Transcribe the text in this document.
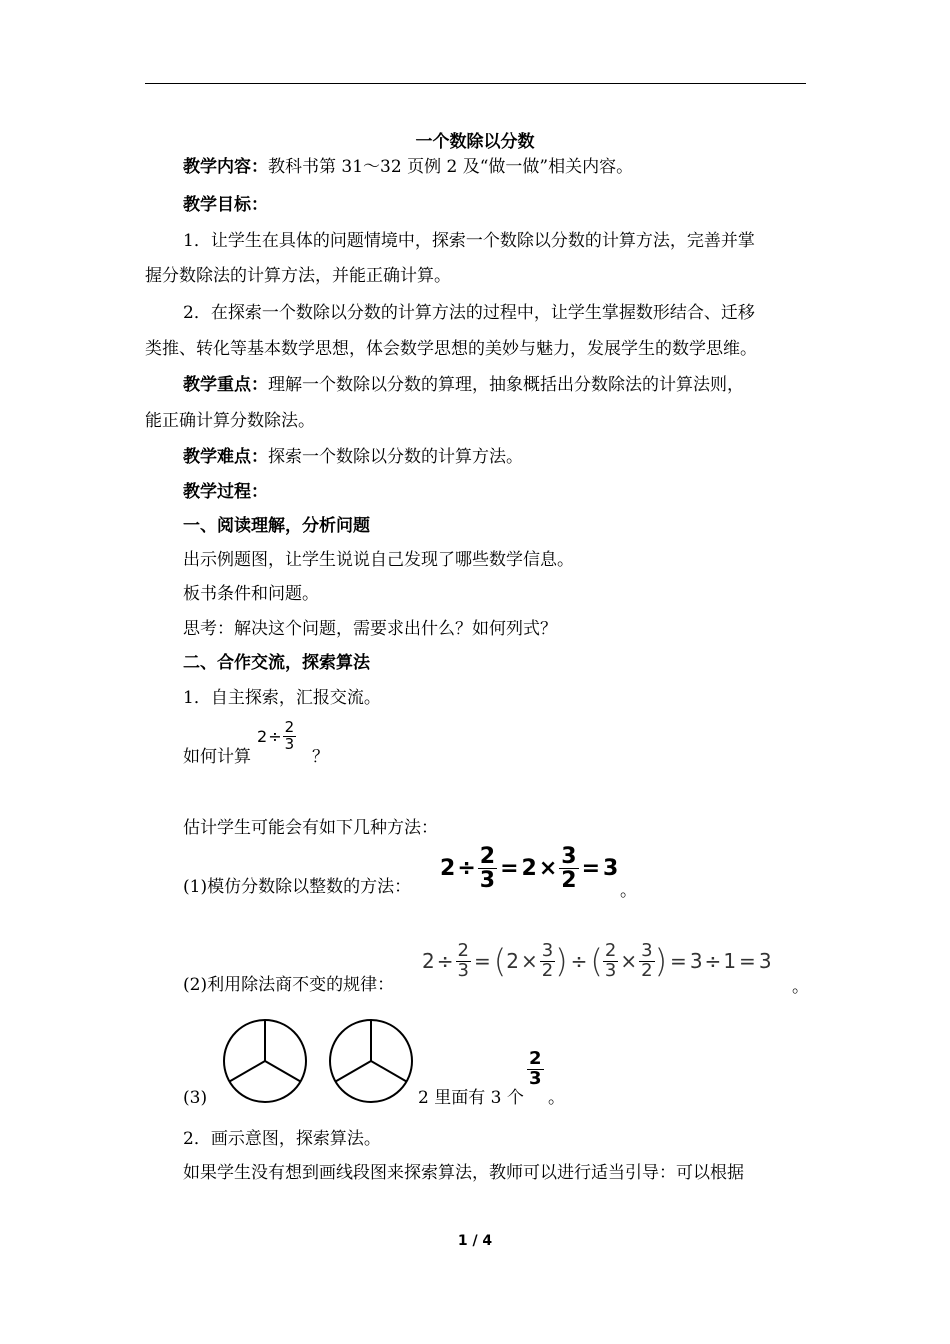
一个数除以分数
教学内容：教科书第 31～32 页例 2 及“做一做”相关内容。
教学目标：
1．让学生在具体的问题情境中，探索一个数除以分数的计算方法，完善并掌
握分数除法的计算方法，并能正确计算。
2．在探索一个数除以分数的计算方法的过程中，让学生掌握数形结合、迁移
类推、转化等基本数学思想，体会数学思想的美妙与魅力，发展学生的数学思维。
教学重点：理解一个数除以分数的算理，抽象概括出分数除法的计算法则，
能正确计算分数除法。
教学难点：探索一个数除以分数的计算方法。
教学过程：
一、阅读理解，分析问题
出示例题图，让学生说说自己发现了哪些数学信息。
板书条件和问题。
思考：解决这个问题，需要求出什么？如何列式？
二、合作交流，探索算法
1．自主探索，汇报交流。
如何计算
$2 \div \frac{2}{3}$
？
估计学生可能会有如下几种方法：
(1)模仿分数除以整数的方法：
$2 \div \frac{2}{3} = 2 \times \frac{3}{2} = 3$
。
(2)利用除法商不变的规律：
$2 \div \frac{2}{3}$ = ( $2 \times \frac{3}{2}$ ) ÷ ( $\frac{2}{3} \times \frac{3}{2}$ ) = 3 ÷ 1 = 3
。
(3)	2 里面有 3 个
$\frac{2}{3}$
。
2．画示意图，探索算法。
如果学生没有想到画线段图来探索算法，教师可以进行适当引导：可以根据
1 / 4
